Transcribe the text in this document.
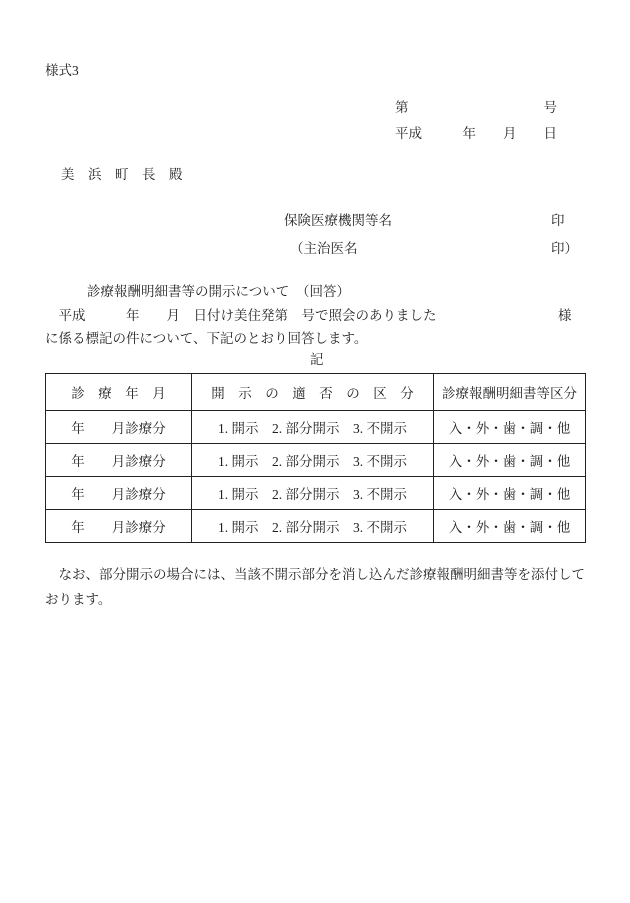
様式3
第　　　　　　　　　　号
平成　　　年　　月　　日
美　浜　町　長　殿
保険医療機関等名	印
（主治医名	印）
診療報酬明細書等の開示について　（回答）
　平成　　　年　　月　日付け美住発第　号で照会のありました　　　　　　　　　様
に係る標記の件について、下記のとおり回答します。
記
診　療　年　月	開　示　の　適　否　の　区　分	診療報酬明細書等区分
年　　月診療分	1. 開示　2. 部分開示　3. 不開示	入・外・歯・調・他
年　　月診療分	1. 開示　2. 部分開示　3. 不開示	入・外・歯・調・他
年　　月診療分	1. 開示　2. 部分開示　3. 不開示	入・外・歯・調・他
年　　月診療分	1. 開示　2. 部分開示　3. 不開示	入・外・歯・調・他
　なお、部分開示の場合には、当該不開示部分を消し込んだ診療報酬明細書等を添付して
おります。
